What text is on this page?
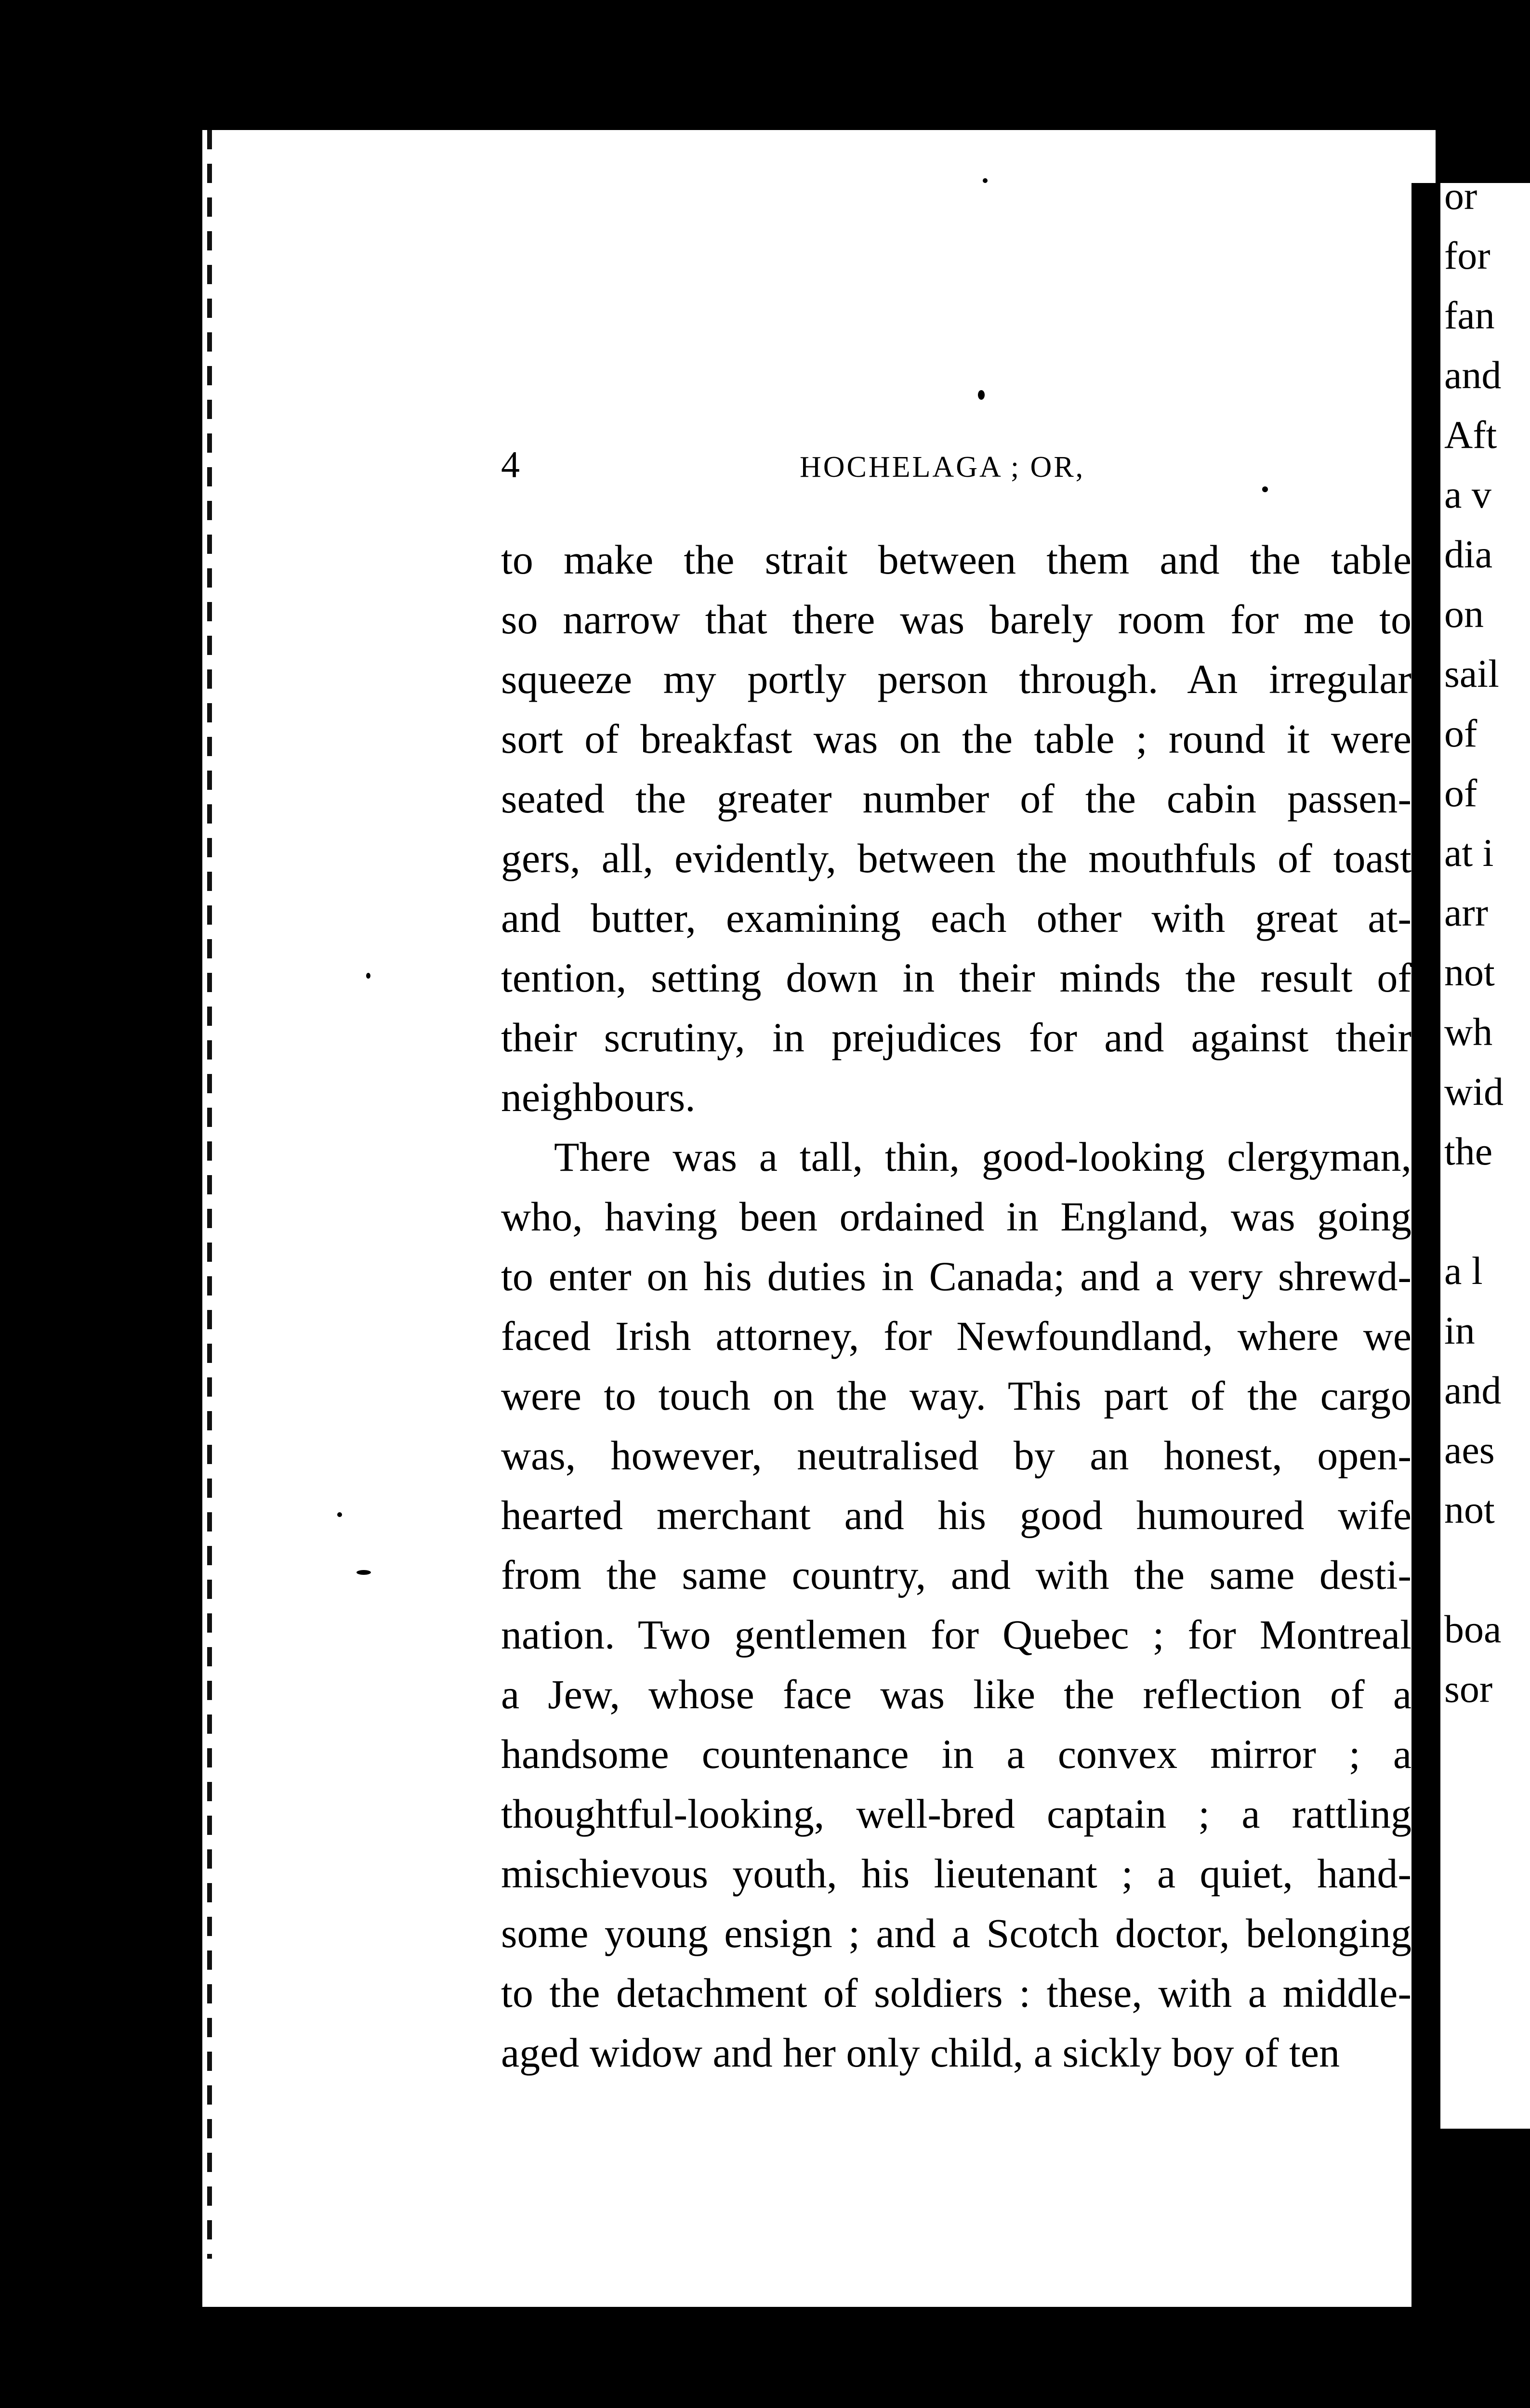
or
for
fan
and
Aft
a v
dia
on
sail
of
of
at i
arr
not
wh
wid
the
a l
in
and
aes
not
boa
sor
4	HOCHELAGA ; OR,
to make the strait between them and the table
so narrow that there was barely room for me to
squeeze my portly person through. An irregular
sort of breakfast was on the table ; round it were
seated the greater number of the cabin passen-
gers, all, evidently, between the mouthfuls of toast
and butter, examining each other with great at-
tention, setting down in their minds the result of
their scrutiny, in prejudices for and against their
neighbours.
There was a tall, thin, good-looking clergyman,
who, having been ordained in England, was going
to enter on his duties in Canada; and a very shrewd-
faced Irish attorney, for Newfoundland, where we
were to touch on the way. This part of the cargo
was, however, neutralised by an honest, open-
hearted merchant and his good humoured wife
from the same country, and with the same desti-
nation. Two gentlemen for Quebec ; for Montreal
a Jew, whose face was like the reflection of a
handsome countenance in a convex mirror ; a
thoughtful-looking, well-bred captain ; a rattling
mischievous youth, his lieutenant ; a quiet, hand-
some young ensign ; and a Scotch doctor, belonging
to the detachment of soldiers : these, with a middle-
aged widow and her only child, a sickly boy of ten
